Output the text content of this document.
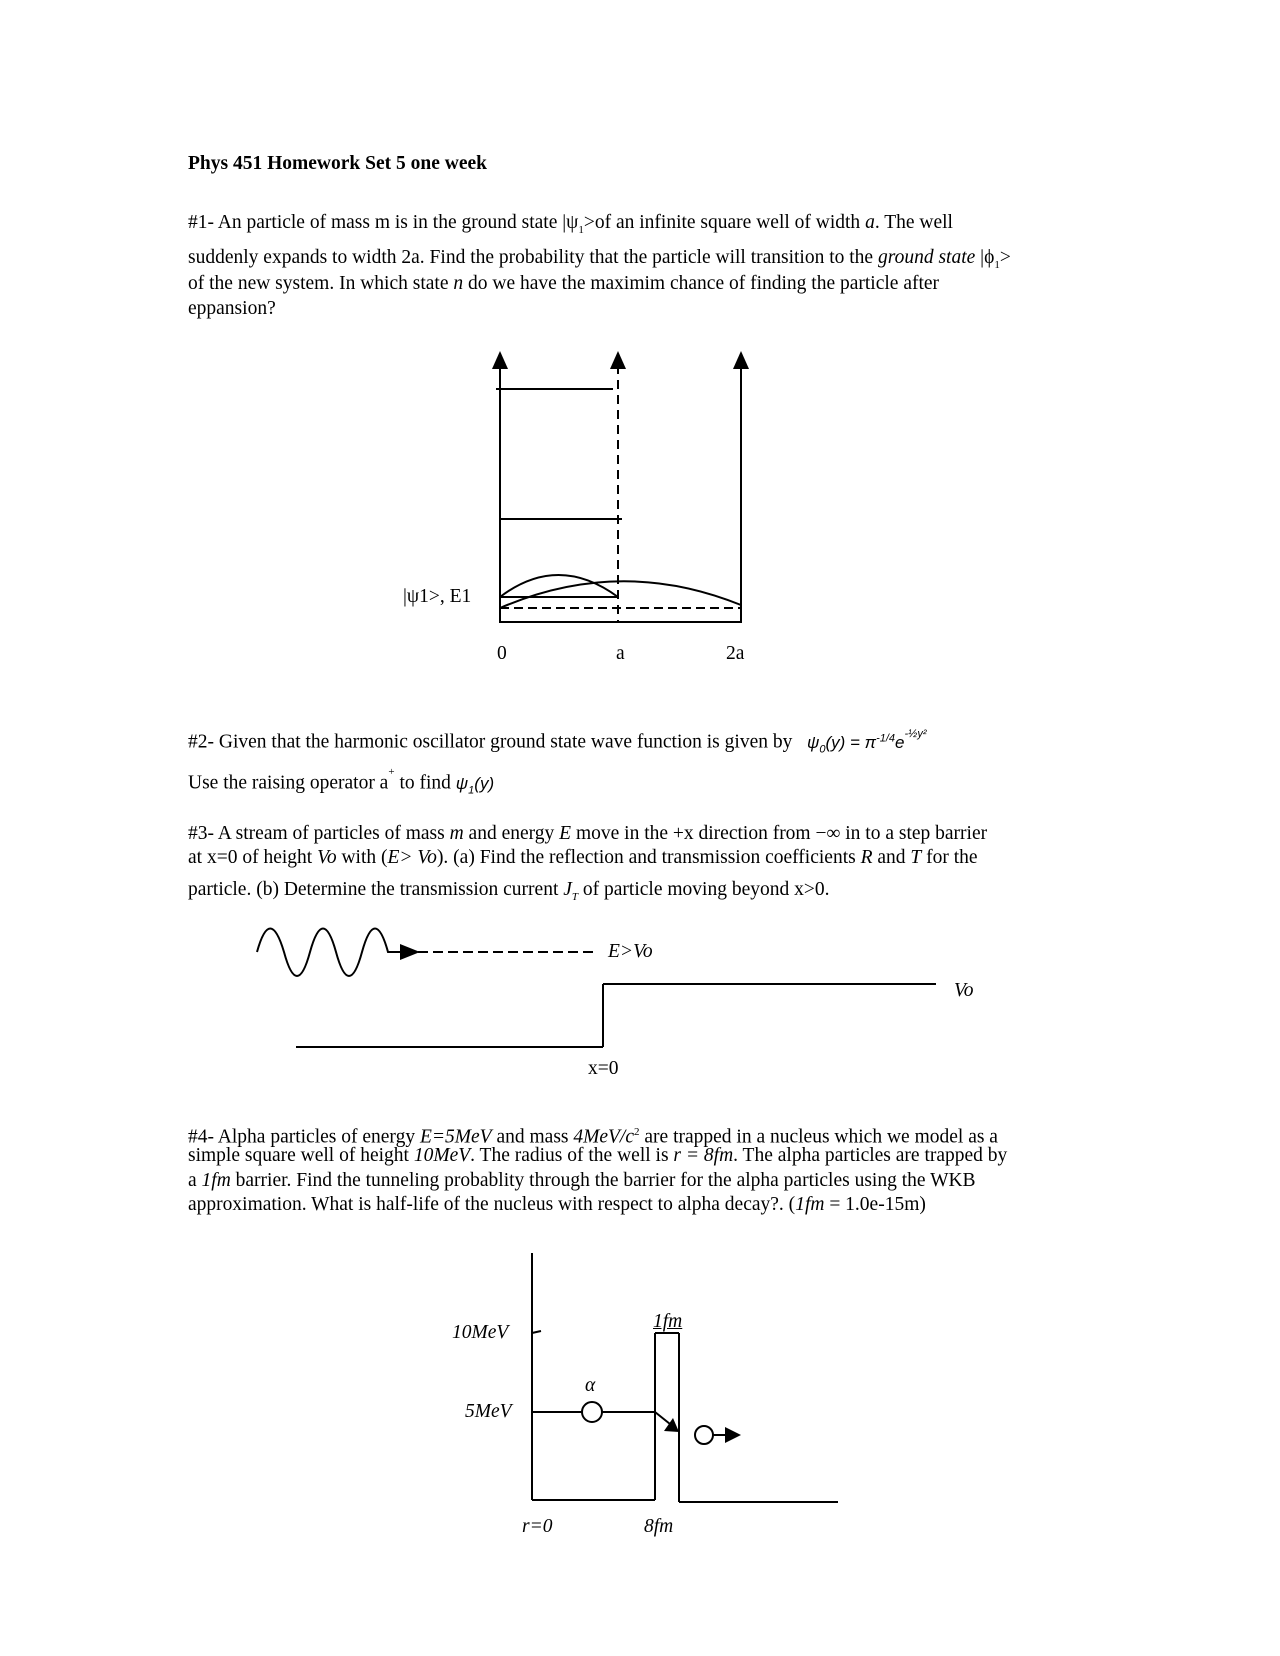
Phys 451 Homework Set 5 one week
#1- An particle of mass m is in the ground state $|\psi_1>of$ an infinite square well of width a. The well
suddenly expands to width 2a. Find the probability that the particle will transition to the ground state $|\phi_1>$
of the new system. In which state n do we have the maximim chance of finding the particle after
eppansion?
|ψ1>, E1
0	a	2a
#2- Given that the harmonic oscillator ground state wave function is given by $\psi_0(y) = \pi^{-1/4}e^{-\frac{1}{2}y^2}$
Use the raising operator a+ to find $\psi_1(y)$
#3- A stream of particles of mass m and energy E move in the +x direction from −∞ in to a step barrier
at x=0 of height Vo with (E> Vo). (a) Find the reflection and transmission coefficients R and T for the
particle. (b) Determine the transmission current $J_T$ of particle moving beyond x>0.
E>Vo
Vo
x=0
#4- Alpha particles of energy E=5MeV and mass $4MeV/c^2$ are trapped in a nucleus which we model as a
simple square well of height 10MeV. The radius of the well is r = 8fm. The alpha particles are trapped by
a 1fm barrier. Find the tunneling probablity through the barrier for the alpha particles using the WKB
approximation. What is half-life of the nucleus with respect to alpha decay?. (1fm = 1.0e-15m)
10MeV
5MeV
α
1fm
r=0	8fm
